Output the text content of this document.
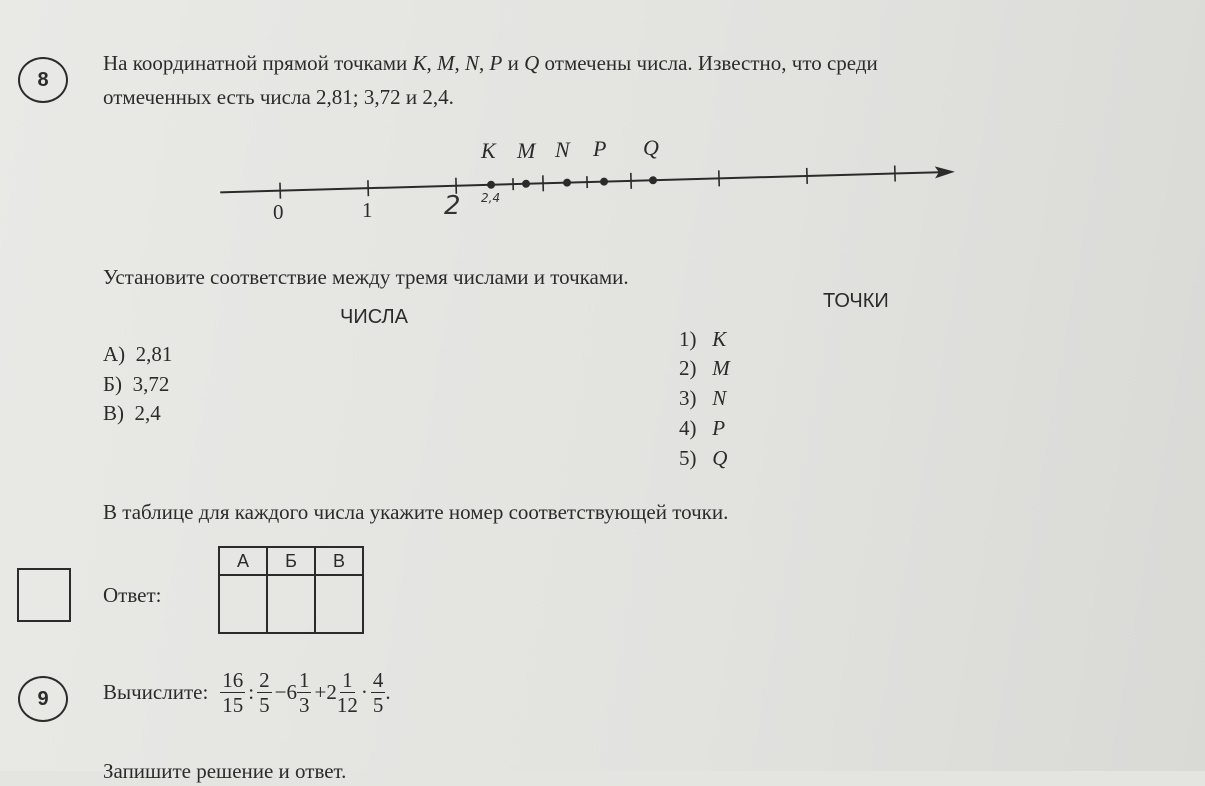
8
На координатной прямой точками K, M, N, P и Q отмечены числа. Известно, что среди
отмеченных есть числа 2,81; 3,72 и 2,4.
K M N P Q
0	1	2 2,4
Установите соответствие между тремя числами и точками.
ЧИСЛА
ТОЧКИ
А) 2,81
Б) 3,72
В) 2,4
1) K
2) M
3) N
4) P
5) Q
В таблице для каждого числа укажите номер соответствующей точки.
Ответ:
А	Б	В

9	Вычислите: $\frac{16}{15}$ : $\frac{2}{5} -6 \frac{1}{3} +2 \frac{1}{12} \cdot \frac{4}{5}$ .
Запишите решение и ответ.
